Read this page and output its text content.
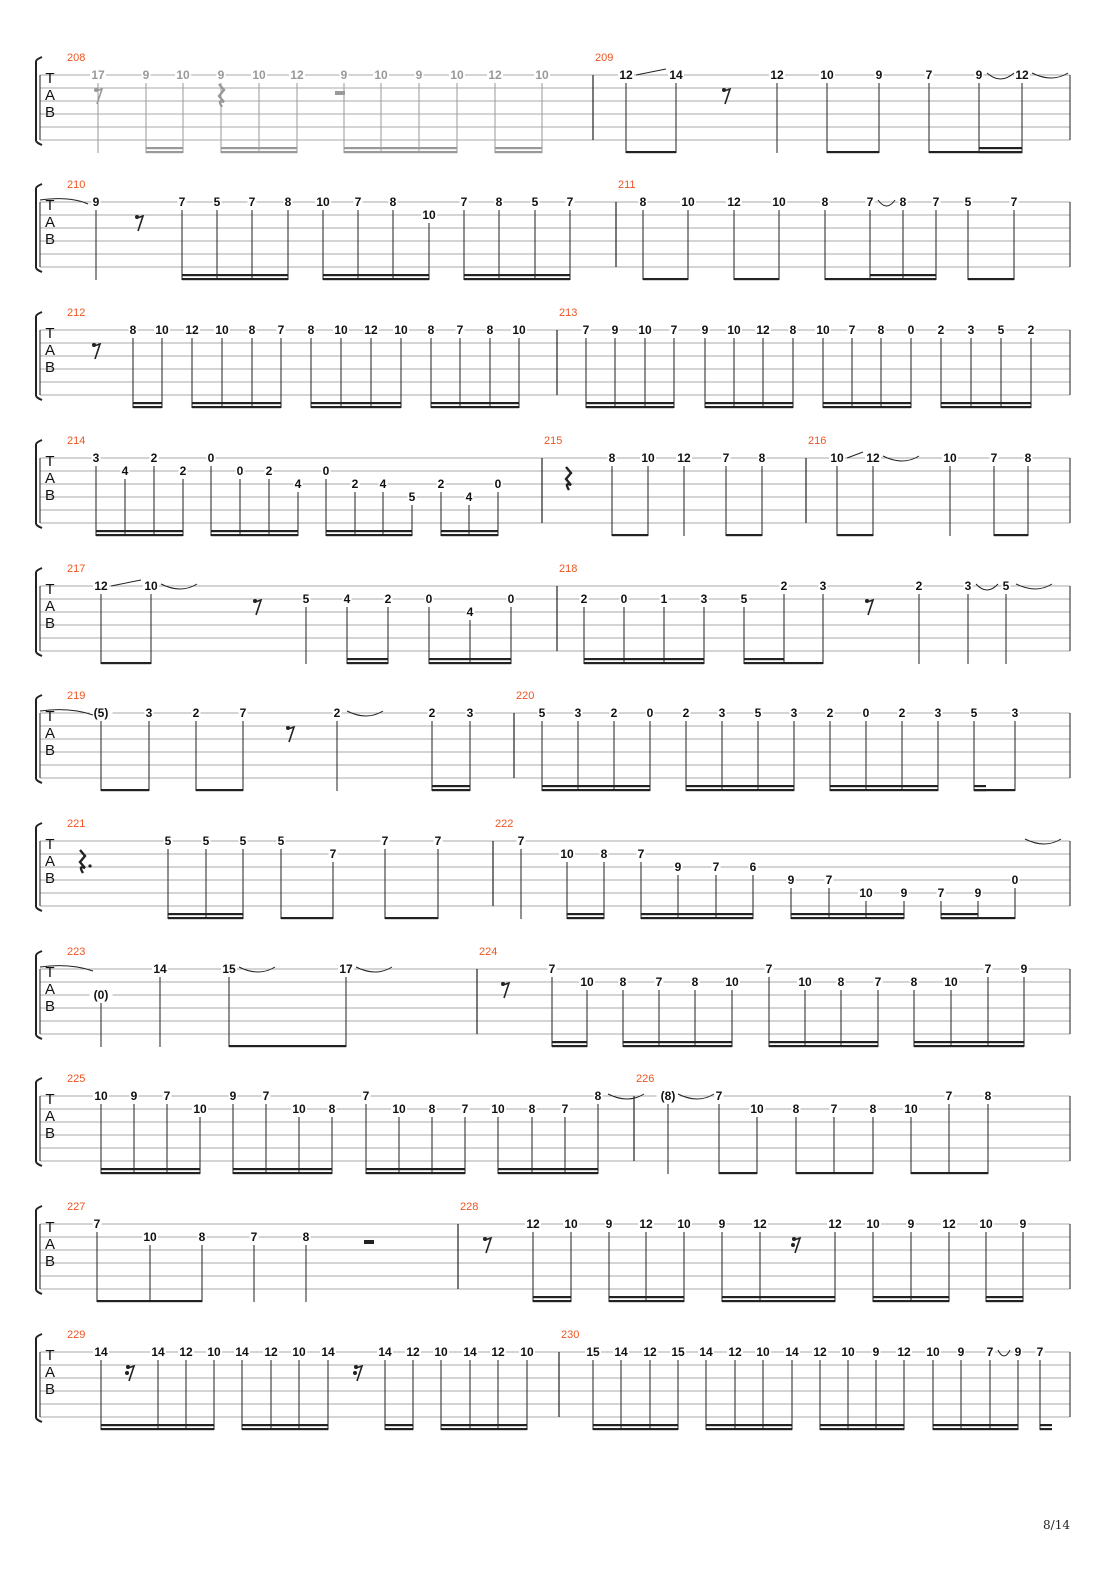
T
A
B
208
17	9 10 9 10 12	9 10 9 10 12	10
209
12	14	12	10	9	7	9	12
T
A
B
210
9	7 5 7 8 10 7 8
10
7 8 5 7
211
8	10	12	10	8	7 8 7 5	7
T
A
B
212
8 10 12 10 8 7 8 10 12 10 8 7 8 10
213
7 9 10 7 9 10 12 8 10 7 8 0 2 3 5 2
T
A
B
214
3
4
2
2
0
0 2
4
0
2 4
5
2
4
0
215
8 10 12	7 8
216
10 12	10	7 8
T
A
B
217
12	10
5	4	2	0
4
0
218
2	0	1	3	5
2	3	2	3	5
T
A
B
219
(5)	3	2	7	2	2	3
220
5 3 2 0 2 3 5 3 2 0 2 3 5	3
T
A
B
221
5	5	5	5
7
7	7
222
7
10 8	7
9	7	6
9	7
10 9	7	9
0
T
A
B
223
(0)
14	15	17
224
7
10 8 7 8 10
7
10 8	7 8 10
7 9
T
A
B
225
10 9 7
10
9 7
10 8
7
10 8 7 10 8 7
8
226
(8)	7
10 8	7	8 10
7	8
T
A
B
227
7
10	8	7	8
228
12 10 9 12 10 9 12	12 10 9 12 10 9
T
A
B
229
14	14 12 10 14 12 10 14	14 12 10 14 12 10
230
15 14 12 15 14 12 10 14 12 10 9 12 10 9 7 9 7
8/14
